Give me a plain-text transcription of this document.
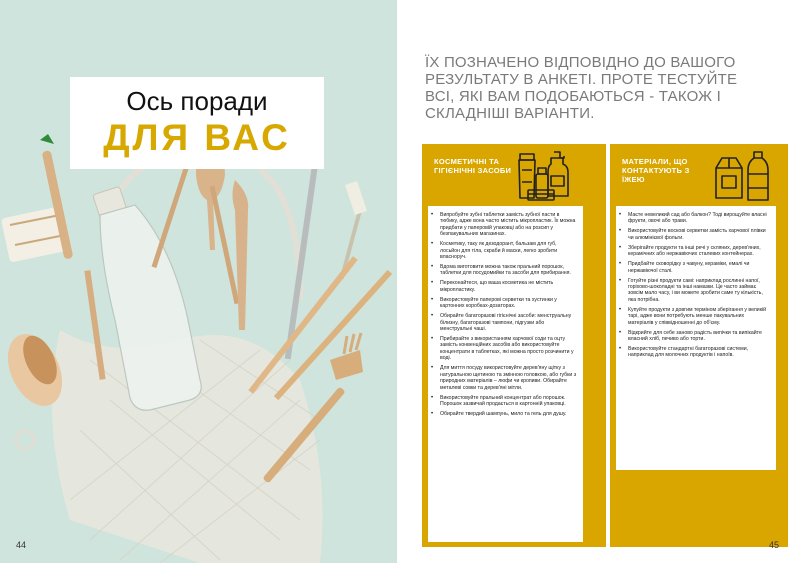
Ось поради
ДЛЯ ВАС
44
ЇХ ПОЗНАЧЕНО ВІДПОВІДНО ДО ВАШОГО РЕЗУЛЬТАТУ В АНКЕТІ. ПРОТЕ ТЕСТУЙТЕ ВСІ, ЯКІ ВАМ ПОДОБАЮТЬСЯ - ТАКОЖ І СКЛАДНІШІ ВАРІАНТИ.
КОСМЕТИЧНІ ТА ГІГІЄНІЧНІ ЗАСОБИ
• Випробуйте зубні таблетки замість зубної пасти в тюбику, адже вона часто містить мікропластик. Їх можна придбати у паперовій упаковці або на розсип у безпакувальних магазинах.
• Косметику, таку як дезодорант, бальзам для губ, лосьйон для тіла, скраби й маски, легко зробити власноруч.
• Вдома виготовити можна також пральний порошок, таблетки для посудомийки та засоби для прибирання.
• Переконайтеся, що ваша косметика не містить мікропластику.
• Використовуйте паперові серветки та хустинки у картонних коробках-дозаторах.
• Обирайте багаторазові гігієнічні засоби: менструальну білизну, багаторазові тампони, підгузки або менструальні чаші.
• Прибирайте з використанням харчової соди та оцту замість конвенційних засобів або використовуйте концентрати в таблетках, які можна просто розчинити у воді.
• Для миття посуду використовуйте дерев'яну щітку з натуральною щетиною та змінною головкою, або губки з природних матеріалів – люфи чи кропиви. Обирайте металеві совки та дерев'яні мітли.
• Використовуйте пральний концентрат або порошок. Порошок зазвичай продається в картонній упаковці.
• Обирайте твердий шампунь, мило та гель для душу.
МАТЕРІАЛИ, ЩО КОНТАКТУЮТЬ З ЇЖЕЮ
• Маєте невеликий сад або балкон? Тоді вирощуйте власні фрукти, овочі або трави.
• Використовуйте воскові серветки замість харчової плівки чи алюмінієвої фольги.
• Зберігайте продукти та інші речі у скляних, дерев'яних, керамічних або нержавіючих сталевих контейнерах.
• Придбайте сковорідку з чавуну, кераміки, емалі чи нержавіючої сталі.
• Готуйте різні продукти самі: наприклад рослинні напої, горіхово-шоколадні та інші намазки. Це часто займає зовсім мало часу, і ви можете зробити саме ту кількість, яка потрібна.
• Купуйте продукти з довгим терміном зберігання у великій тарі, адже вони потребують менше пакувальних матеріалів у співвідношенні до об'єму.
• Відкрийте для себе заново радість випічки та випікайте власний хліб, печиво або торти.
• Використовуйте стандартні багаторазові системи, наприклад для молочних продуктів і напоїв.
45
